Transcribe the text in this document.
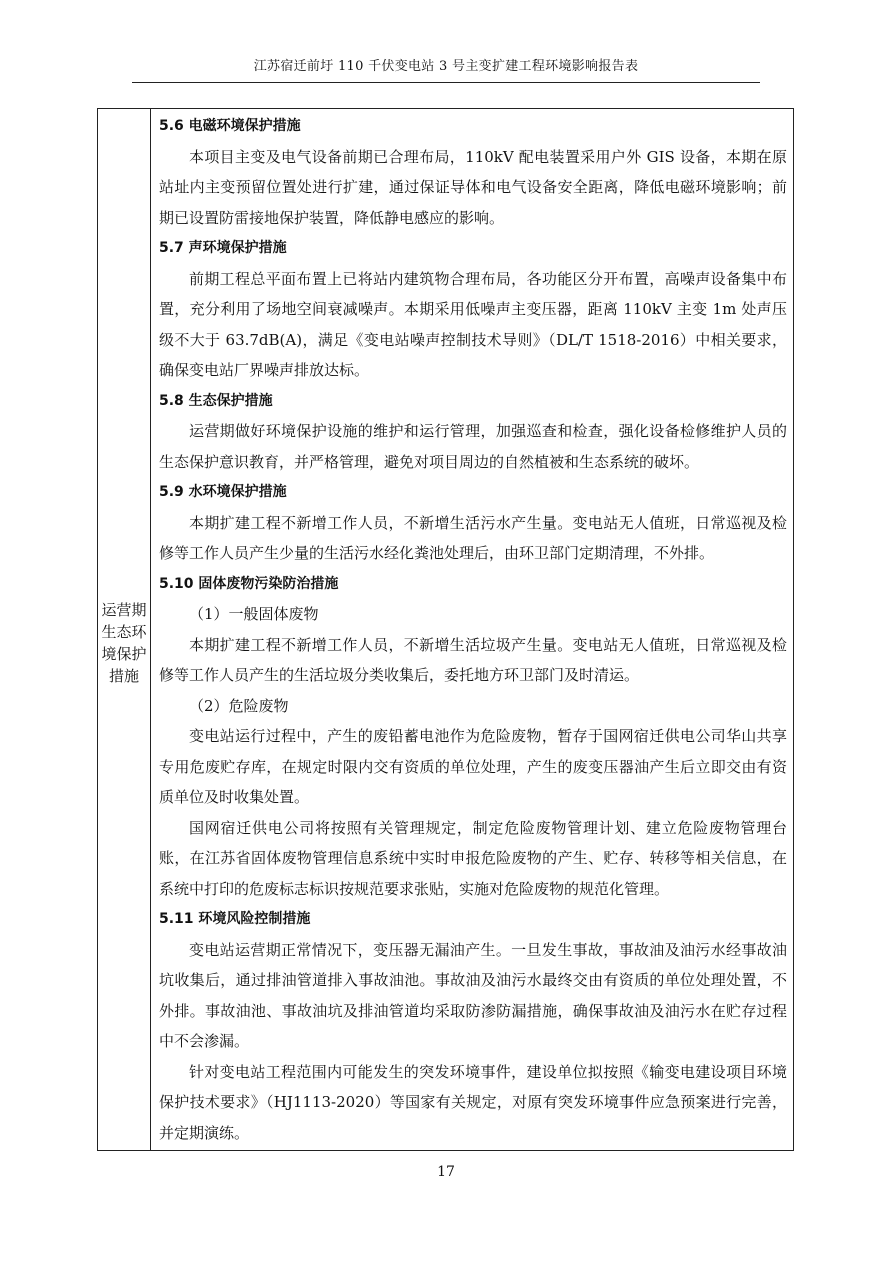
江苏宿迁前圩 110 千伏变电站 3 号主变扩建工程环境影响报告表
运营期
生态环
境保护
措施

5.6 电磁环境保护措施

本项目主变及电气设备前期已合理布局，110kV 配电装置采用户外 GIS 设备，本期在原站址内主变预留位置处进行扩建，通过保证导体和电气设备安全距离，降低电磁环境影响；前期已设置防雷接地保护装置，降低静电感应的影响。

5.7 声环境保护措施

前期工程总平面布置上已将站内建筑物合理布局，各功能区分开布置，高噪声设备集中布置，充分利用了场地空间衰减噪声。本期采用低噪声主变压器，距离 110kV 主变 1m 处声压级不大于 63.7dB(A)，满足《变电站噪声控制技术导则》（DL/T 1518-2016）中相关要求，确保变电站厂界噪声排放达标。

5.8 生态保护措施

运营期做好环境保护设施的维护和运行管理，加强巡查和检查，强化设备检修维护人员的生态保护意识教育，并严格管理，避免对项目周边的自然植被和生态系统的破坏。

5.9 水环境保护措施

本期扩建工程不新增工作人员，不新增生活污水产生量。变电站无人值班，日常巡视及检修等工作人员产生少量的生活污水经化粪池处理后，由环卫部门定期清理，不外排。

5.10 固体废物污染防治措施

（1）一般固体废物

本期扩建工程不新增工作人员，不新增生活垃圾产生量。变电站无人值班，日常巡视及检修等工作人员产生的生活垃圾分类收集后，委托地方环卫部门及时清运。

（2）危险废物

变电站运行过程中，产生的废铅蓄电池作为危险废物，暂存于国网宿迁供电公司华山共享专用危废贮存库，在规定时限内交有资质的单位处理，产生的废变压器油产生后立即交由有资质单位及时收集处置。

国网宿迁供电公司将按照有关管理规定，制定危险废物管理计划、建立危险废物管理台账，在江苏省固体废物管理信息系统中实时申报危险废物的产生、贮存、转移等相关信息，在系统中打印的危废标志标识按规范要求张贴，实施对危险废物的规范化管理。

5.11 环境风险控制措施

变电站运营期正常情况下，变压器无漏油产生。一旦发生事故，事故油及油污水经事故油坑收集后，通过排油管道排入事故油池。事故油及油污水最终交由有资质的单位处理处置，不外排。事故油池、事故油坑及排油管道均采取防渗防漏措施，确保事故油及油污水在贮存过程中不会渗漏。

针对变电站工程范围内可能发生的突发环境事件，建设单位拟按照《输变电建设项目环境保护技术要求》（HJ1113-2020）等国家有关规定，对原有突发环境事件应急预案进行完善，并定期演练。

17
